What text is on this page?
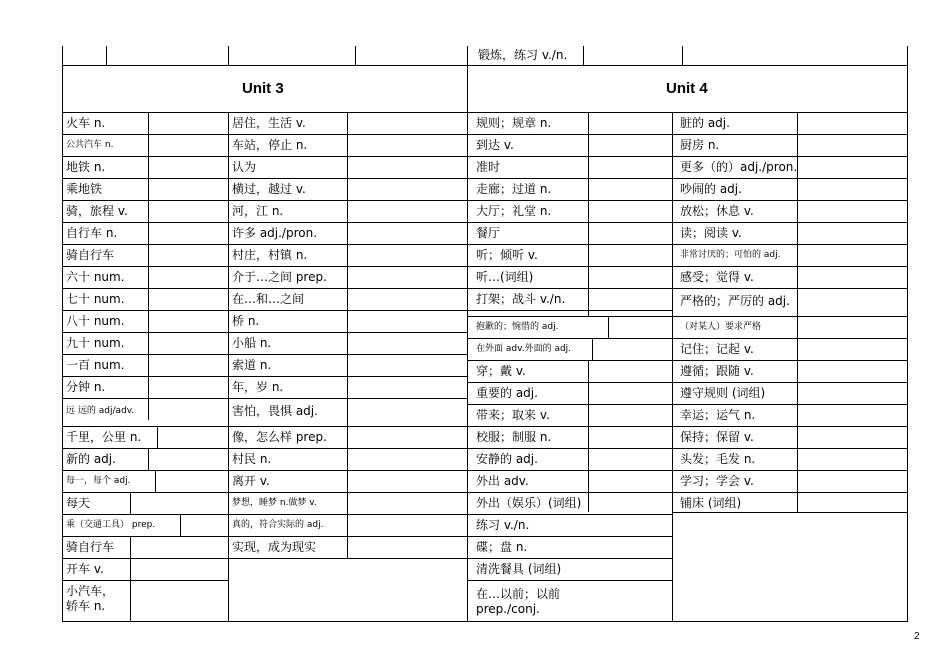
锻炼，练习 v./n.
Unit 3	Unit 4
火车 n.
公共汽车 n.
地铁 n.
乘地铁
骑，旅程 v.
自行车 n.
骑自行车
六十 num.
七十 num.
八十 num.
九十 num.
一百 num.
分钟 n.
远 远的 adj/adv.
千里，公里 n.
新的 adj.
每一，每个 adj.
每天
乘（交通工具） prep.
骑自行车
开车 v.
小汽车，
轿车 n.
居住，生活 v.
车站，停止 n.
认为
横过，越过 v.
河，江 n.
许多 adj./pron.
村庄，村镇 n.
介于…之间 prep.
在…和…之间
桥 n.
小船 n.
索道 n.
年，岁 n.
害怕，畏惧 adj.
像，怎么样 prep.
村民 n.
离开 v.
梦想，睡梦 n.做梦 v.
真的，符合实际的 adj.
实现，成为现实
规则；规章 n.
到达 v.
准时
走廊；过道 n.
大厅；礼堂 n.
餐厅
听；倾听 v.
听…(词组)
打架；战斗 v./n.
抱歉的；惋惜的 adj.
在外面 adv.外面的 adj.
穿；戴 v.
重要的 adj.
带来；取来 v.
校服；制服 n.
安静的 adj.
外出 adv.
外出（娱乐）(词组)
练习 v./n.
碟；盘 n.
清洗餐具 (词组)
在…以前；以前
prep./conj.
脏的 adj.
厨房 n.
更多（的）adj./pron.
吵闹的 adj.
放松；休息 v.
读；阅读 v.
非常讨厌的；可怕的 adj.
感受；觉得 v.
严格的；严厉的 adj.
（对某人）要求严格
记住；记起 v.
遵循；跟随 v.
遵守规则 (词组)
幸运；运气 n.
保持；保留 v.
头发；毛发 n.
学习；学会 v.
铺床 (词组)
2
